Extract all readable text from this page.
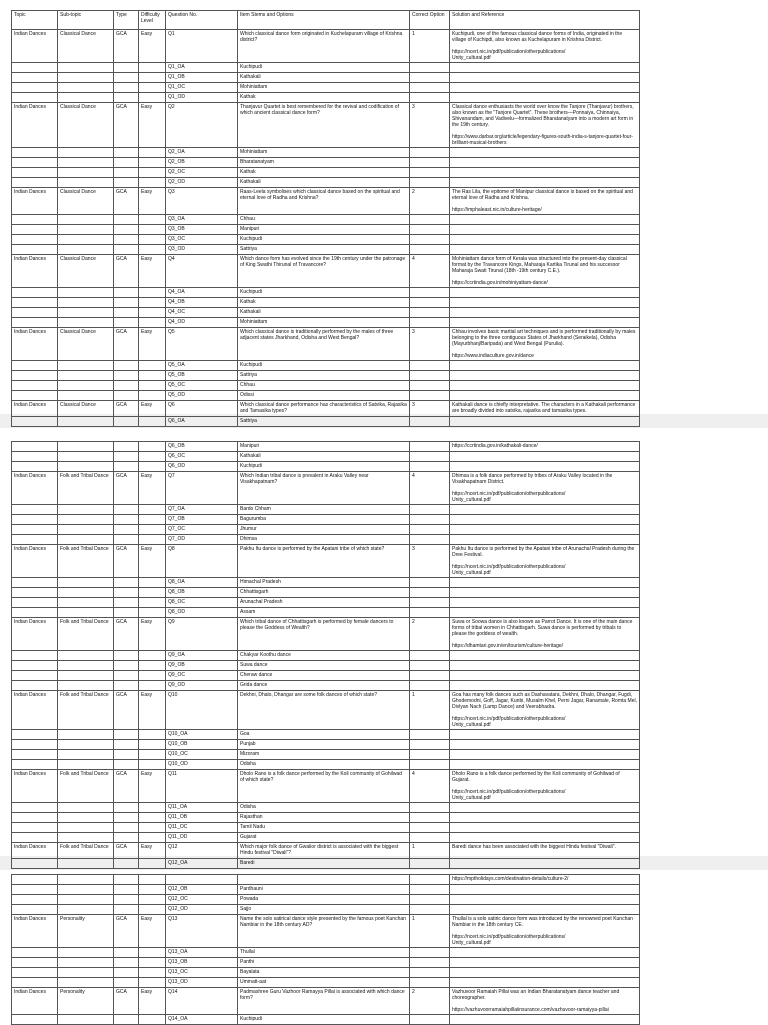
Topic	Sub-topic	Type	Difficulty Level	Question No.	Item Stems and Options	Correct Option	Solution and Reference
Indian Dances	Classical Dance	GCA	Easy	Q1	Which classical dance form originated in Kuchelapuram village of Krishna district?	1	Kuchipudi, one of the famous classical dance forms of India, originated in the village of Kuchipdi, also known as Kuchelapuram in Krishna District.
https://ncert.nic.in/pdf/publication/otherpublications/
Unity_cultural.pdf

				Q1_OA	Kuchipudi		
				Q1_OB	Kathakali		
				Q1_OC	Mohiniattam		
				Q1_OD	Kathak		
Indian Dances	Classical Dance	GCA	Easy	Q2	Thanjavur Quartet is best remembered for the revival and codification of which ancient classical dance form?	3	Classical dance enthusiasts the world over know the Tanjore (Thanjavur) brothers, also known as the "Tanjore Quartet". These brothers—Ponnaiya, Chinnaiya, Shivanandam, and Vadivelu—formalized Bharatanatyam into a modern art form in the 19th century.
https://www.darbar.org/article/legendary-figures-south-india-s-tanjore-quartet-four-brilliant-musical-brothers

				Q2_OA	Mohiniattam		
				Q2_OB	Bharatanatyam		
				Q2_OC	Kathak		
				Q2_OD	Kathakali		
Indian Dances	Classical Dance	GCA	Easy	Q3	Raas-Leela symbolises which classical dance based on the spiritual and eternal love of Radha and Krishna?	2	The Ras Lila, the epitome of Manipur classical dance is based on the spiritual and eternal love of Radha and Krishna.
https://imphaleast.nic.in/culture-heritage/

				Q3_OA	Chhau		
				Q3_OB	Manipuri		
				Q3_OC	Kuchipudi		
				Q3_OD	Sattriya		
Indian Dances	Classical Dance	GCA	Easy	Q4	Which dance form has evolved since the 19th century under the patronage of King Swathi Thirunal of Travancore?	4	Mohiniattam dance form of Kerala was structured into the present-day classical format by the Travancore Kings, Maharaja Kartika Tirunal and his successor Maharaja Swati Tirunal (18th -19th century C.E.).
https://ccrtindia.gov.in/mohiniyattam-dance/

				Q4_OA	Kuchipudi		
				Q4_OB	Kathak		
				Q4_OC	Kathakali		
				Q4_OD	Mohiniattam		
Indian Dances	Classical Dance	GCA	Easy	Q5	Which classical dance is traditionally performed by the males of three adjacent states Jharkhand, Odisha and West Bengal?	3	Chhau involves basic martial art techniques and is performed traditionally by males belonging to the three contiguous States of Jharkhand (Seraikela), Odisha (Mayurbhanj/Baripada) and West Bengal (Purulia).
https://www.indiaculture.gov.in/dance

				Q5_OA	Kuchipudi		
				Q5_OB	Sattriya		
				Q5_OC	Chhau		
				Q5_OD	Odissi		
Indian Dances	Classical Dance	GCA	Easy	Q6	Which classical dance performance has characteristics of Satvika, Rajasika and Tamasika types?	3	Kathakali dance is chiefly interpretative. The characters in a Kathakali performance are broadly divided into satvika, rajasika and tamasika types.
				Q6_OA	Sattriya		
				Q6_OB	Manipuri		https://ccrtindia.gov.in/kathakali-dance/
				Q6_OC	Kathakali		
				Q6_OD	Kuchipudi		
Indian Dances	Folk and Tribal Dance	GCA	Easy	Q7	Which Indian tribal dance is prevalent in Araku Valley near Visakhapatnam?	4	Dhimsa is a folk dance performed by tribes of Araku Valley located in the Visakhapatnam District.
https://ncert.nic.in/pdf/publication/otherpublications/
Unity_cultural.pdf

				Q7_OA	Bardo Chham		
				Q7_OB	Bagurumba		
				Q7_OC	Jhumur		
				Q7_OD	Dhimsa		
Indian Dances	Folk and Tribal Dance	GCA	Easy	Q8	Pakhu Itu dance is performed by the Apatani tribe of which state?	3	Pakhu Itu dance is performed by the Apatani tribe of Arunachal Pradesh during the Dree Festival.
https://ncert.nic.in/pdf/publication/otherpublications/
Unity_cultural.pdf

				Q8_OA	Himachal Pradesh		
				Q8_OB	Chhattisgarh		
				Q8_OC	Arunachal Pradesh		
				Q8_OD	Assam		
Indian Dances	Folk and Tribal Dance	GCA	Easy	Q9	Which tribal dance of Chhattisgarh is performed by female dancers to please the Goddess of Wealth?	2	Suwa or Soowa dance is also known as Parrot Dance. It is one of the main dance forms of tribal women in Chhattisgarh. Suwa dance is performed by tribals to please the goddess of wealth.
https://dhamtari.gov.in/en/tourism/culture-heritage/

				Q9_OA	Chakyar Koothu dance		
				Q9_OB	Suwa dance		
				Q9_OC	Cheraw dance		
				Q9_OD	Grida dance		
Indian Dances	Folk and Tribal Dance	GCA	Easy	Q10	Dekhni, Dhalo, Dhangar are some folk dances of which state?	1	Goa has many folk dances such as Dashavatara, Dekhni, Dhalo, Dhangar, Fugdi, Ghodemodni, Goff, Jagar, Kunbi, Musalm Khel, Perni Jagar, Ranamale, Romta Mel, Divlyan Nach (Lamp Dance) and Veerabhadra.
https://ncert.nic.in/pdf/publication/otherpublications/
Unity_cultural.pdf

				Q10_OA	Goa		
				Q10_OB	Punjab		
				Q10_OC	Mizoram		
				Q10_OD	Odisha		
Indian Dances	Folk and Tribal Dance	GCA	Easy	Q11	Dholo Rano is a folk dance performed by the Koli community of Gohilwad of which state?	4	Dholo Rano is a folk dance performed by the Koli community of Gohilwad of Gujarat.
https://ncert.nic.in/pdf/publication/otherpublications/
Unity_cultural.pdf

				Q11_OA	Odisha		
				Q11_OB	Rajasthan		
				Q11_OC	Tamil Nadu		
				Q11_OD	Gujarat		
Indian Dances	Folk and Tribal Dance	GCA	Easy	Q12	Which major folk dance of Gwalior district is associated with the biggest Hindu festival "Diwali"?	1	Baredi dance has been associated with the biggest Hindu festival "Diwali".
				Q12_OA	Baredi		
							https://mptholidays.com/destination-details/culture-2/
				Q12_OB	Pardhauni		
				Q12_OC	Powada		
				Q12_OD	Sajjo		
Indian Dances	Personality	GCA	Easy	Q13	Name the solo satirical dance style presented by the famous poet Kunchan Nambiar in the 18th century AD?	1	Thullal is a solo satiric dance form was introduced by the renowned poet Kunchan Nambiar in the 18th century CE.
https://ncert.nic.in/pdf/publication/otherpublications/
Unity_cultural.pdf

				Q13_OA	Thullal		
				Q13_OB	Panthi		
				Q13_OC	Bayalata		
				Q13_OD	Ummatt-aat		
Indian Dances	Personality	GCA	Easy	Q14	Padmashree Guru Vazhoor Ramayya Pillai is associated with which dance form?	2	Vazhuvoor Ramaiah Pillai was an Indian Bharatanatyam dance teacher and choreographer.
https://vazhuvoorramaiahpillaiinsurance.com/vazhuvoor-ramaiyya-pillai

				Q14_OA	Kuchipudi		
